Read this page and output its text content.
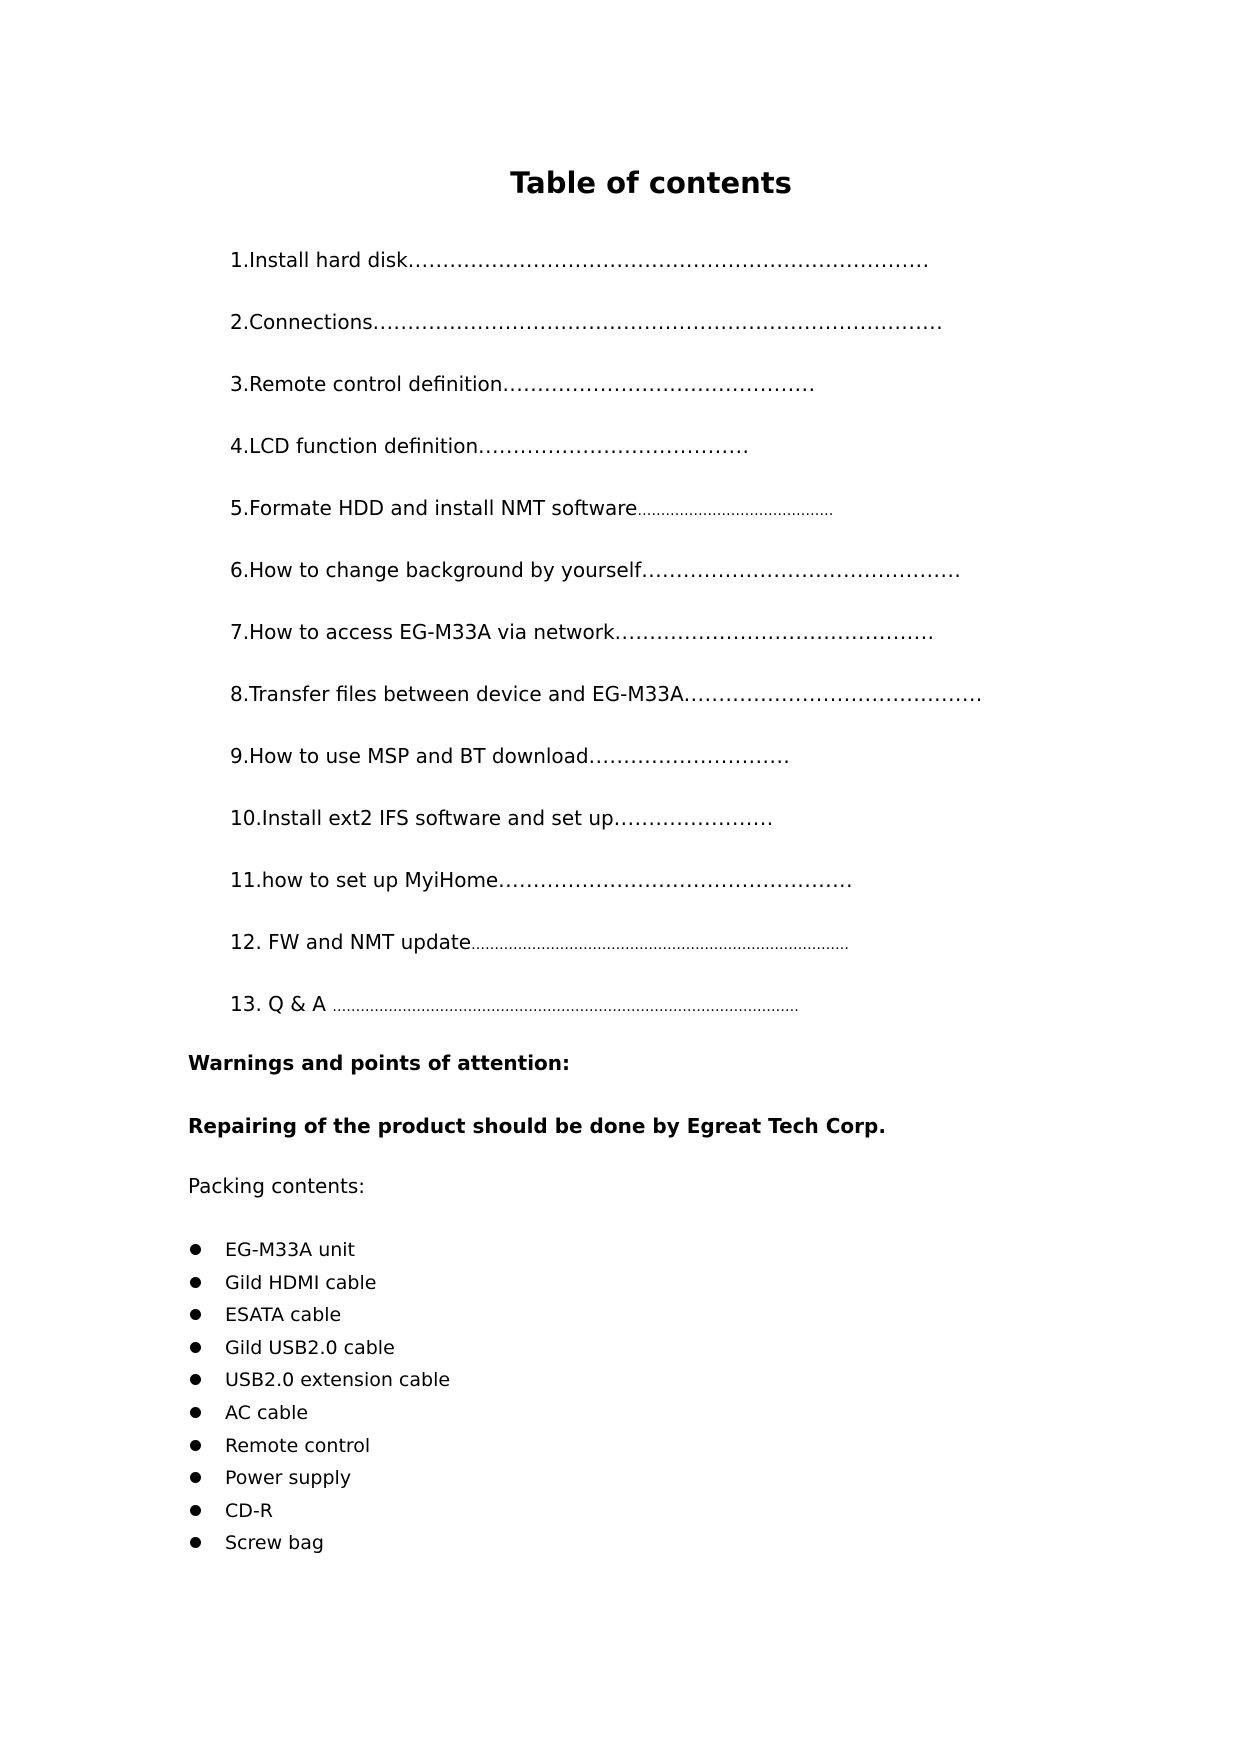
Table of contents
1.Install hard disk...........................................................................
2.Connections..................................................................................
3.Remote control definition.............................................
4.LCD function definition.......................................
5.Formate HDD and install NMT software……………………………………
6.How to change background by yourself..............................................
7.How to access EG-M33A via network..............................................
8.Transfer files between device and EG-M33A...........................................
9.How to use MSP and BT download.............................
10.Install ext2 IFS software and set up.......................
11.how to set up MyiHome...................................................
12. FW and NMT update………………………………………………………………………
13. Q & A ……………………………………………………………………………………….

Warnings and points of attention:

Repairing of the product should be done by Egreat Tech Corp.

Packing contents:

EG-M33A unit
Gild HDMI cable
ESATA cable
Gild USB2.0 cable
USB2.0 extension cable
AC cable
Remote control
Power supply
CD-R
Screw bag
